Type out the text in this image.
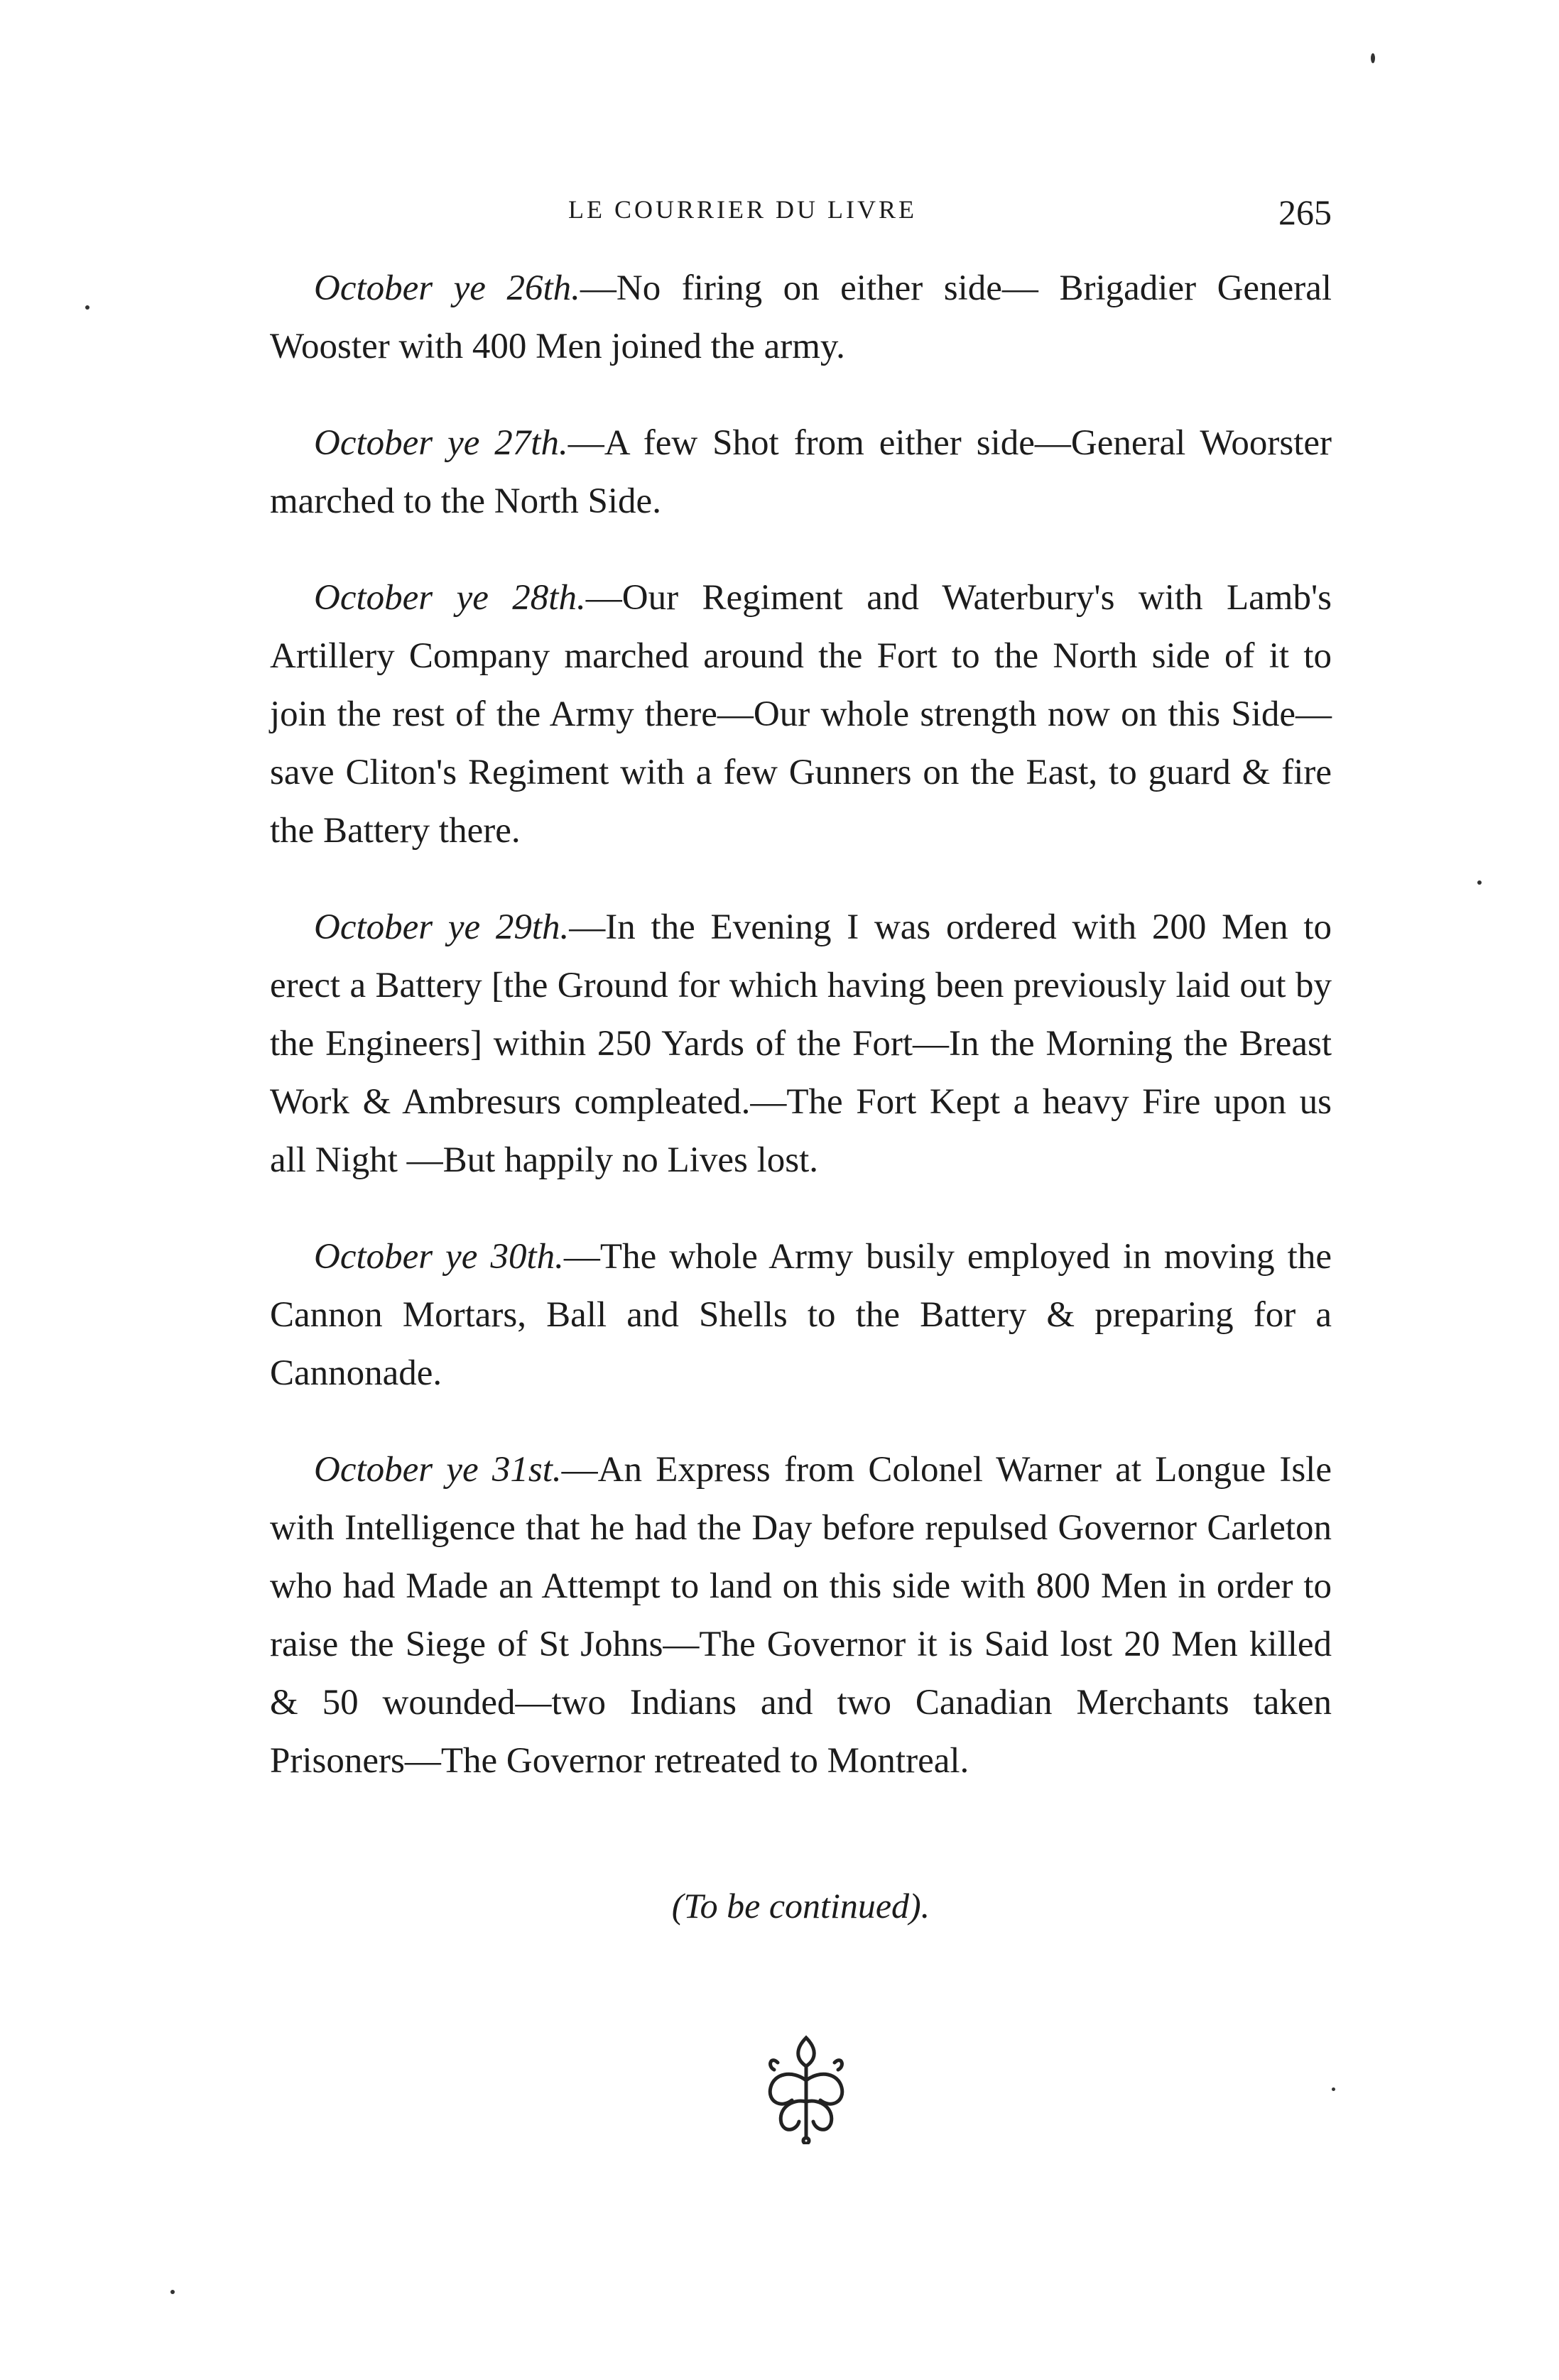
LE COURRIER DU LIVRE	265

October ye 26th.—No firing on either side— Brigadier General Wooster with 400 Men joined the army.

October ye 27th.—A few Shot from either side—General Woorster marched to the North Side.

October ye 28th.—Our Regiment and Waterbury's with Lamb's Artillery Company marched around the Fort to the North side of it to join the rest of the Army there—Our whole strength now on this Side—save Cliton's Regiment with a few Gunners on the East, to guard & fire the Battery there.

October ye 29th.—In the Evening I was ordered with 200 Men to erect a Battery [the Ground for which having been previously laid out by the Engineers] within 250 Yards of the Fort—In the Morning the Breast Work & Ambresurs compleated.—The Fort Kept a heavy Fire upon us all Night —But happily no Lives lost.

October ye 30th.—The whole Army busily employed in moving the Cannon Mortars, Ball and Shells to the Battery & preparing for a Cannonade.

October ye 31st.—An Express from Colonel Warner at Longue Isle with Intelligence that he had the Day before repulsed Governor Carleton who had Made an Attempt to land on this side with 800 Men in order to raise the Siege of St Johns—The Governor it is Said lost 20 Men killed & 50 wounded—two Indians and two Canadian Merchants taken Prisoners—The Governor retreated to Montreal.

(To be continued).
